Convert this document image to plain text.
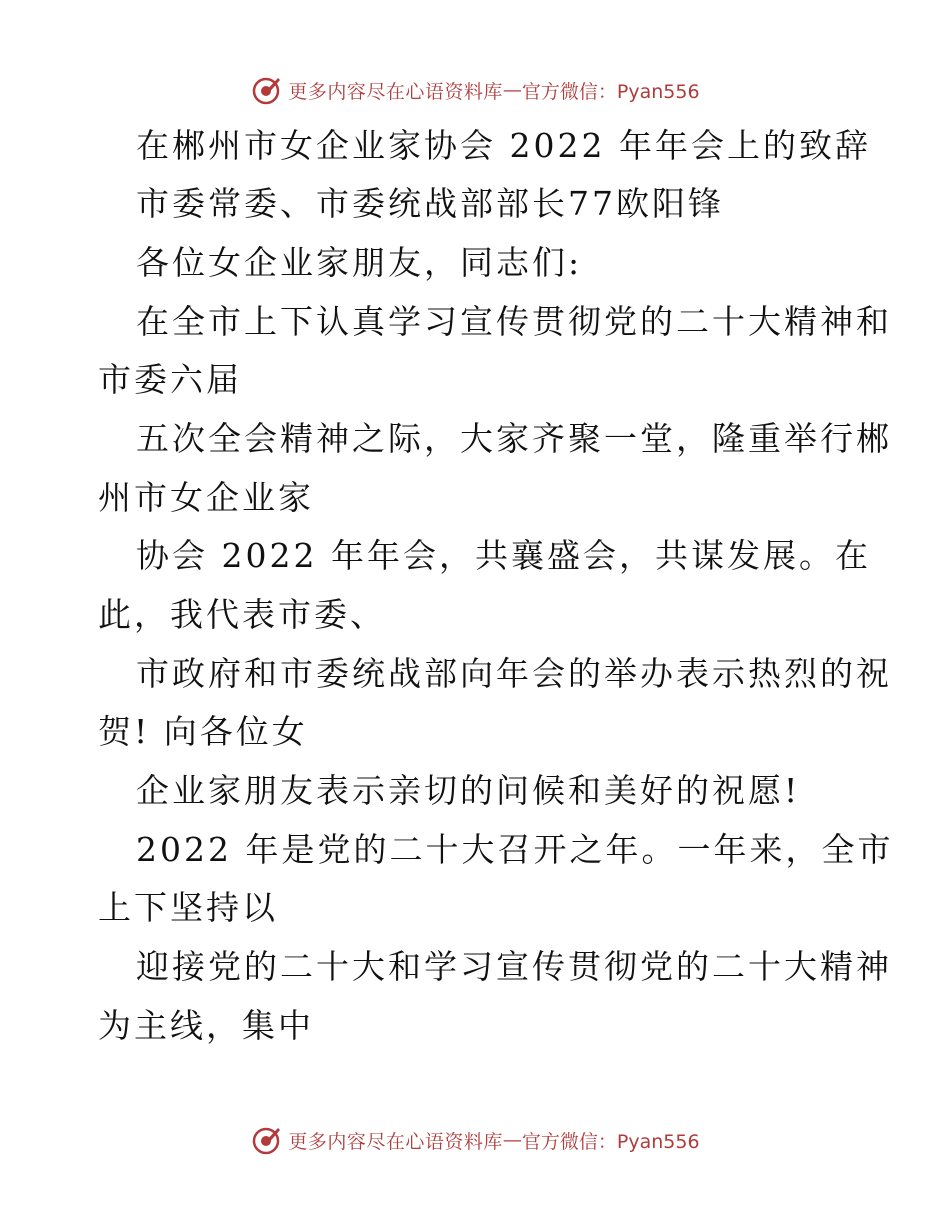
更多内容尽在心语资料库 — 官方微信：Pyan556
在郴州市女企业家协会 2022 年年会上的致辞
市委常委、市委统战部部长77欧阳锋
各位女企业家朋友，同志们:
在全市上下认真学习宣传贯彻党的二十大精神和
市委六届
五次全会精神之际，大家齐聚一堂，隆重举行郴
州市女企业家
协会 2022 年年会，共襄盛会，共谋发展。在
此，我代表市委、
市政府和市委统战部向年会的举办表示热烈的祝
贺! 向各位女
企业家朋友表示亲切的问候和美好的祝愿!
2022 年是党的二十大召开之年。一年来，全市
上下坚持以
迎接党的二十大和学习宣传贯彻党的二十大精神
为主线，集中
更多内容尽在心语资料库 — 官方微信：Pyan556
